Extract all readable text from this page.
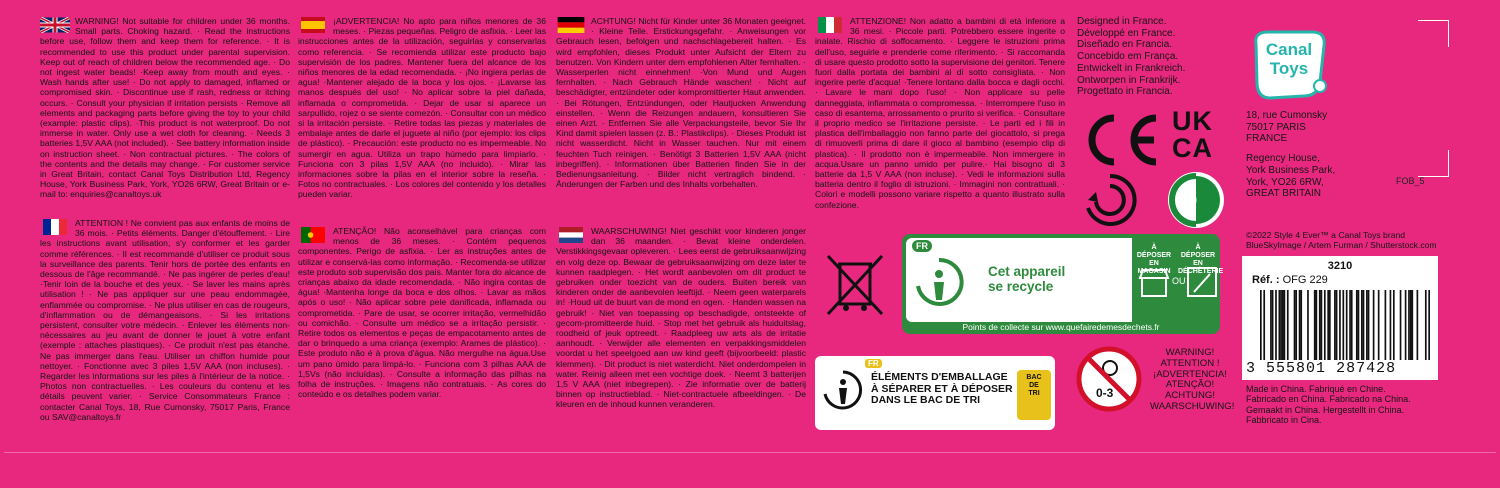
WARNING! Not suitable for children under 36 months. Small parts. Choking hazard. · Read the instructions before use, follow them and keep them for reference. · It is recommended to use this product under parental supervision. Keep out of reach of children below the recommended age. · Do not ingest water beads! ·Keep away from mouth and eyes. · Wash hands after use! · Do not apply to damaged, inflamed or compromised skin. · Discontinue use if rash, redness or itching occurs. · Consult your physician if irritation persists · Remove all elements and packaging parts before giving the toy to your child (example: plastic clips). ·This product is not waterproof. Do not immerse in water. Only use a wet cloth for cleaning. · Needs 3 batteries 1,5V AAA (not included). · See battery information inside on instruction sheet. · Non contractual pictures. · The colors of the contents and the details may change. · For customer service in Great Britain, contact Canal Toys Distribution Ltd, Regency House, York Business Park, York, YO26 6RW, Great Britain or e-mail to: enquiries@canaltoys.uk
¡ADVERTENCIA! No apto para niños menores de 36 meses. · Piezas pequeñas. Peligro de asfixia. · Leer las instrucciones antes de la utilización, seguirlas y conservarlas como referencia. · Se recomienda utilizar este producto bajo supervisión de los padres. Mantener fuera del alcance de los niños menores de la edad recomendada. · ¡No ingiera perlas de agua! ·Mantener alejado de la boca y los ojos. · ¡Lavarse las manos después del uso! · No aplicar sobre la piel dañada, inflamada o comprometida. · Dejar de usar si aparece un sarpullido, rojez o se siente comezón. · Consultar con un médico si la irritación persiste. · Retire todas las piezas y materiales de embalaje antes de darle el juguete al niño (por ejemplo: los clips de plástico). · Precaución: este producto no es impermeable. No sumergir en agua. Utiliza un trapo húmedo para limpiarlo. · Funciona con 3 pilas 1,5V AAA (no incluido). · Mirar las informaciones sobre la pilas en el interior sobre la reseña. · Fotos no contractuales. · Los colores del contenido y los detalles pueden variar.
ACHTUNG! Nicht für Kinder unter 36 Monaten geeignet. · Kleine Teile. Erstickungsgefahr. · Anweisungen vor Gebrauch lesen, befolgen und nachschlagebereit halten. · Es wird empfohlen, dieses Produkt unter Aufsicht der Eltern zu benutzen. Von Kindern unter dem empfohlenen Alter fernhalten. · Wasserperlen nicht einnehmen! ·Von Mund und Augen fernhalten. · Nach Gebrauch Hände waschen! · Nicht auf beschädigter, entzündeter oder kompromittierter Haut anwenden. · Bei Rötungen, Entzündungen, oder Hautjucken Anwendung einstellen. · Wenn die Reizungen andauern, konsultieren Sie einen Arzt. · Entfernen Sie alle Verpackungsteile, bevor Sie Ihr Kind damit spielen lassen (z. B.: Plastikclips). · Dieses Produkt ist nicht wasserdicht. Nicht in Wasser tauchen. Nur mit einem feuchten Tuch reinigen. · Benötigt 3 Batterien 1,5V AAA (nicht inbegriffen). · Informationen über Batterien finden Sie in der Bedienungsanleitung. · Bilder nicht vertraglich bindend. · Änderungen der Farben und des Inhalts vorbehalten.
ATTENZIONE! Non adatto a bambini di età inferiore a 36 mesi. · Piccole parti. Potrebbero essere ingerite o inalate. Rischio di soffocamento. · Leggere le istruzioni prima dell'uso, seguirle e prenderle come riferimento. · Si raccomanda di usare questo prodotto sotto la supervisione dei genitori. Tenere fuori dalla portata dei bambini al di sotto consigliata. · Non ingerire perle d'acqua! ·Tenere lontano dalla bocca e dagli occhi. · Lavare le mani dopo l'uso! · Non applicare su pelle danneggiata, infiammata o compromessa. · Interrompere l'uso in caso di esantema, arrossamento o prurito si verifica. · Consultare il proprio medico se l'irritazione persiste. · Le parti ed i fili in plastica dell'imballaggio non fanno parte del giocattolo, si prega di rimuoverli prima di dare il gioco al bambino (esempio clip di plastica). · Il prodotto non è impermeabile. Non immergere in acqua.Usare un panno umido per pulire.· Hai bisogno di 3 batterie da 1,5 V AAA (non incluse). · Vedi le informazioni sulla batteria dentro il foglio di istruzioni. · Immagini non contrattuali. · Colori e modelli possono variare rispetto a quanto illustrato sulla confezione.
ATTENTION ! Ne convient pas aux enfants de moins de 36 mois. · Petits éléments. Danger d'étouffement. · Lire les instructions avant utilisation, s'y conformer et les garder comme références. · Il est recommandé d'utiliser ce produit sous la surveillance des parents. Tenir hors de portée des enfants en dessous de l'âge recommandé. · Ne pas ingérer de perles d'eau! ·Tenir loin de la bouche et des yeux. · Se laver les mains après utilisation ! · Ne pas appliquer sur une peau endommagée, enflammée ou compromise. · Ne plus utiliser en cas de rougeurs, d'inflammation ou de démangeaisons. · Si les irritations persistent, consulter votre médecin. · Enlever les éléments non-nécessaires au jeu avant de donner le jouet à votre enfant (exemple : attaches plastiques). · Ce produit n'est pas étanche. Ne pas immerger dans l'eau. Utiliser un chiffon humide pour nettoyer. · Fonctionne avec 3 piles 1,5V AAA (non incluses). · Regarder les informations sur les piles à l'intérieur de la notice. · Photos non contractuelles. · Les couleurs du contenu et les détails peuvent varier. · Service Consommateurs France : contacter Canal Toys, 18, Rue Cumonsky, 75017 Paris, France ou SAV@canaltoys.fr
ATENÇÃO! Não aconselhável para crianças com menos de 36 meses. · Contém pequenos componentes. Perigo de asfixia. · Ler as instruções antes de utilizar e conservá-las como informação. · Recomenda-se utilizar este produto sob supervisão dos pais. Manter fora do alcance de crianças abaixo da idade recomendada. · Não ingira contas de água! ·Mantenha longe da boca e dos olhos. · Lavar as mãos após o uso! · Não aplicar sobre pele danificada, inflamada ou comprometida. · Pare de usar, se ocorrer irritação, vermelhidão ou comichão. · Consulte um médico se a irritação persistir. · Retire todos os elementos e peças de empacotamento antes de dar o brinquedo a uma criança (exemplo: Arames de plástico). · Este produto não é à prova d'água. Não mergulhe na água.Use um pano úmido para limpá-lo. · Funciona com 3 pilhas AAA de 1,5Vs (não incluídas). · Consulte a informação das pilhas na folha de instruções. · Imagens não contratuais. · As cores do conteúdo e os detalhes podem variar.
WAARSCHUWING! Niet geschikt voor kinderen jonger dan 36 maanden. · Bevat kleine onderdelen. Verstikkingsgevaar opleveren. · Lees eerst de gebruiksaanwijzing en volg deze op. Bewaar de gebruiksaanwijzing om deze later te kunnen raadplegen. · Het wordt aanbevolen om dit product te gebruiken onder toezicht van de ouders. Buiten bereik van kinderen onder de aanbevolen leeftijd. · Neem geen waterparels in! ·Houd uit de buurt van de mond en ogen. · Handen wassen na gebruik! · Niet van toepassing op beschadigde, ontsteekte of gecom-promitteerde huid. · Stop met het gebruik als huiduitslag, roodheid of jeuk optreedt. · Raadpleeg uw arts als de irritatie aanhoudt. · Verwijder alle elementen en verpakkingsmiddelen voordat u het speelgoed aan uw kind geeft (bijvoorbeeld: plastic klemmen). · Dit product is niet waterdicht. Niet onderdompelen in water. Reinig alleen met een vochtige doek. · Neemt 3 batterijen 1,5 V AAA (niet inbegrepen). · Zie informatie over de batterij binnen op instructieblad. · Niet-contractuele afbeeldingen. · De kleuren en de inhoud kunnen veranderen.
Designed in France.
Développé en France.
Diseñado en Francia.
Concebido em França.
Entwickelt in Frankreich.
Ontworpen in Frankrijk.
Progettato in Francia.
Canal
Toys
FOB_5
UK
CA
18, rue Cumonsky
75017 PARIS
FRANCE
Regency House,
York Business Park,
York, YO26 6RW,
GREAT BRITAIN
©2022 Style 4 Ever™ a Canal Toys brand
BlueSkyImage / Artem Furman / Shutterstock.com
FR
Cet appareil
se recycle
À DÉPOSER
EN MAGASIN
À DÉPOSER
EN DÉCHÈTERIE
OU
Points de collecte sur www.quefairedemesdechets.fr
FR
ÉLÉMENTS D'EMBALLAGE
À SÉPARER ET À DÉPOSER
DANS LE BAC DE TRI
BAC
DE
TRI	0-3
WARNING!
ATTENTION !
¡ADVERTENCIA!
ATENÇÃO!
ACHTUNG!
WAARSCHUWING!
3210
Réf. : OFG 229
3 555801 287428
Made in China. Fabriqué en Chine.
Fabricado en China. Fabricado na China.
Gemaakt in China. Hergestellt in China.
Fabbricato in Cina.
